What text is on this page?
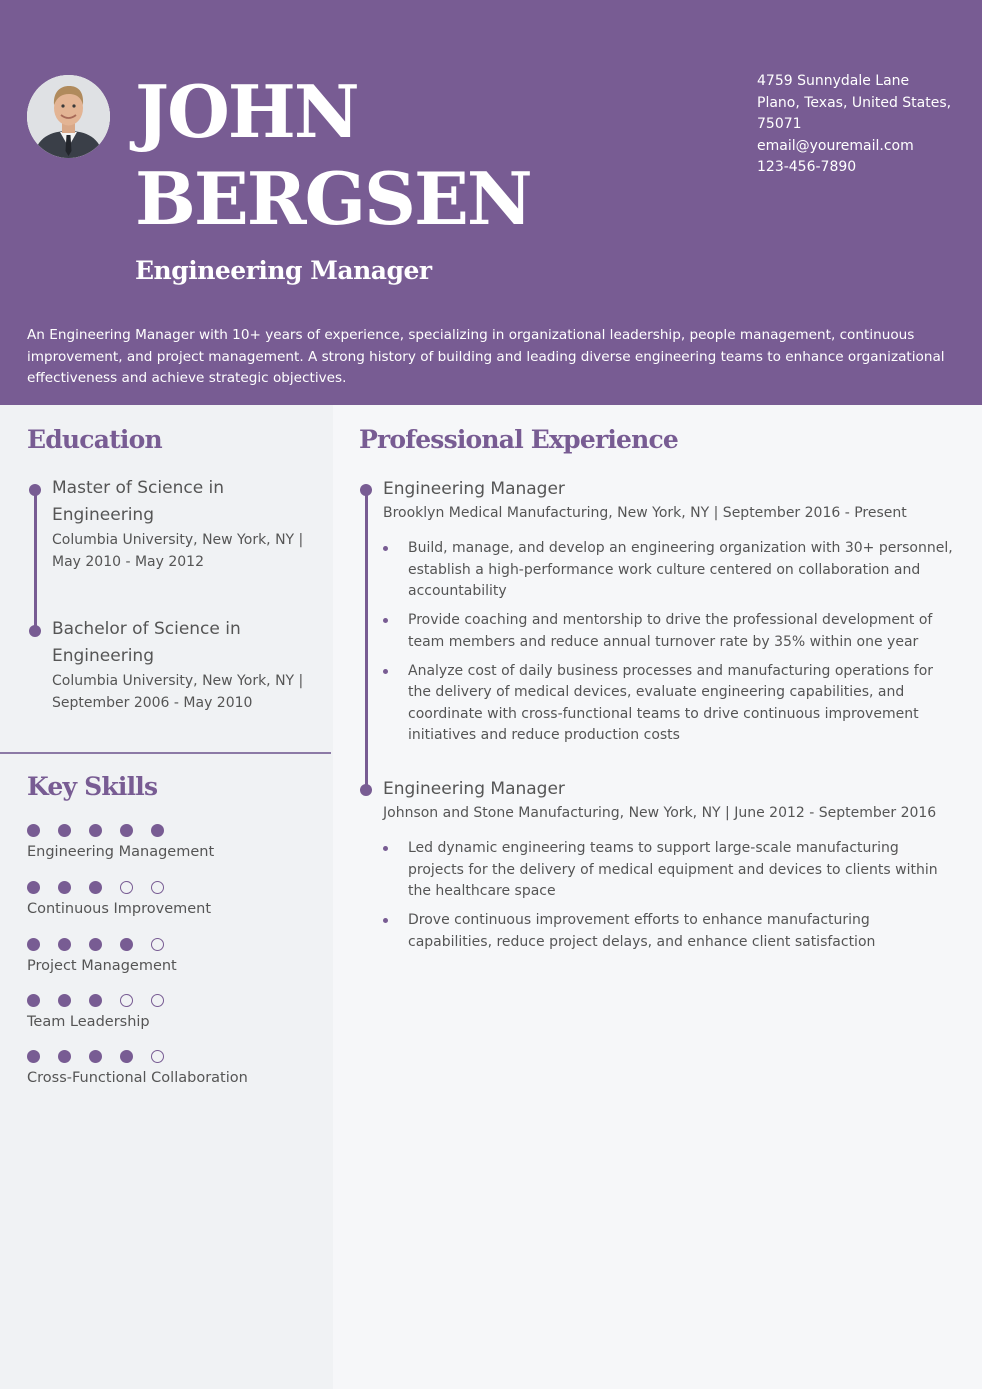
JOHN
BERGSEN
Engineering Manager
4759 Sunnydale Lane
Plano, Texas, United States,
75071
email@youremail.com
123-456-7890
An Engineering Manager with 10+ years of experience, specializing in organizational leadership, people management, continuous improvement, and project management. A strong history of building and leading diverse engineering teams to enhance organizational effectiveness and achieve strategic objectives.
Education
Master of Science in Engineering
Columbia University, New York, NY | May 2010 - May 2012
Bachelor of Science in Engineering
Columbia University, New York, NY | September 2006 - May 2010
Key Skills
Engineering Management
Continuous Improvement
Project Management
Team Leadership
Cross-Functional Collaboration
Professional Experience
Engineering Manager
Brooklyn Medical Manufacturing, New York, NY | September 2016 - Present
Build, manage, and develop an engineering organization with 30+ personnel, establish a high-performance work culture centered on collaboration and accountability
Provide coaching and mentorship to drive the professional development of team members and reduce annual turnover rate by 35% within one year
Analyze cost of daily business processes and manufacturing operations for the delivery of medical devices, evaluate engineering capabilities, and coordinate with cross-functional teams to drive continuous improvement initiatives and reduce production costs
Engineering Manager
Johnson and Stone Manufacturing, New York, NY | June 2012 - September 2016
Led dynamic engineering teams to support large-scale manufacturing projects for the delivery of medical equipment and devices to clients within the healthcare space
Drove continuous improvement efforts to enhance manufacturing capabilities, reduce project delays, and enhance client satisfaction
